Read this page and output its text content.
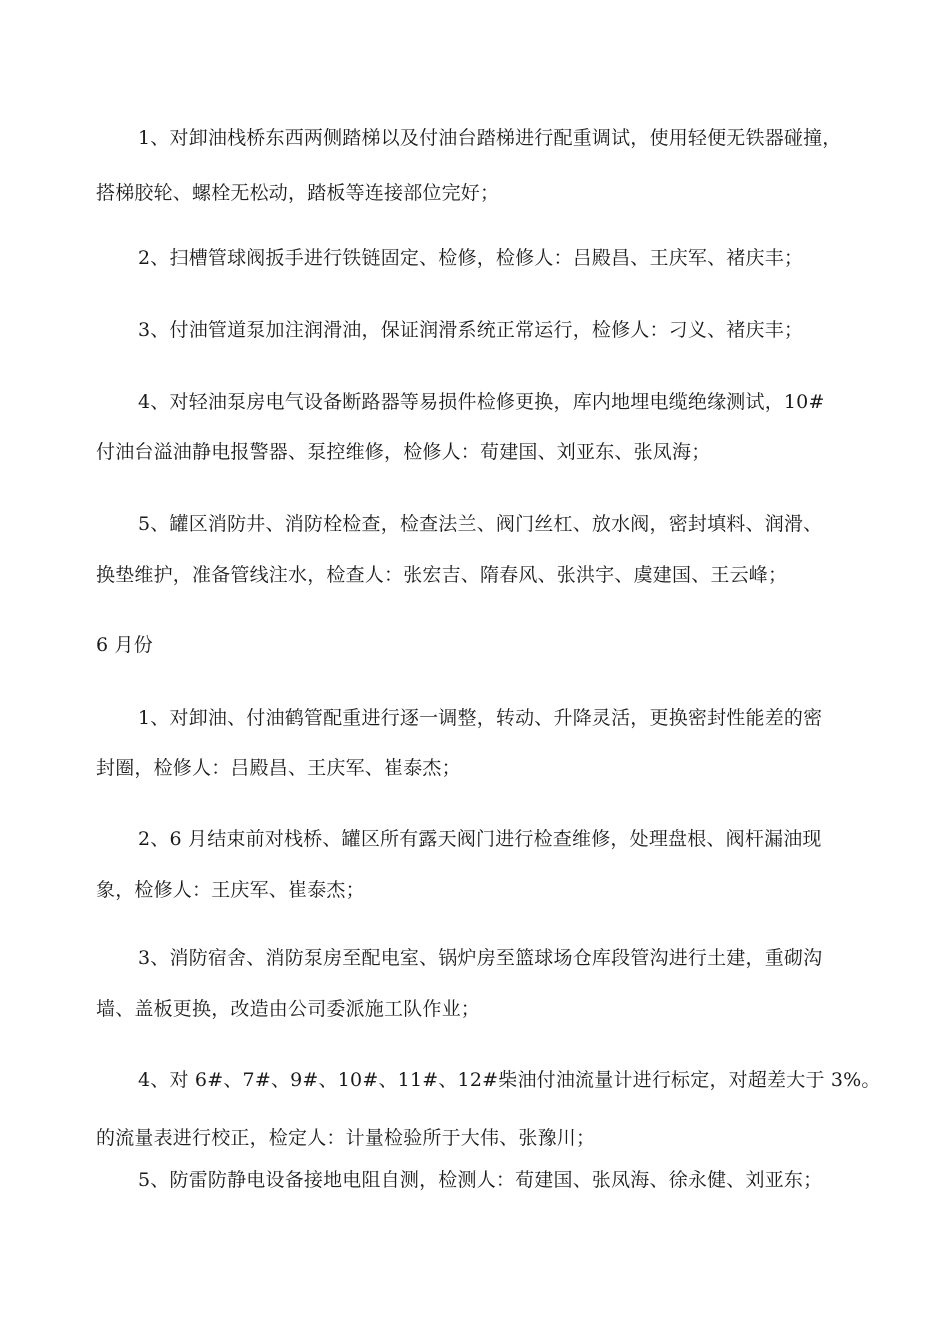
1、对卸油栈桥东西两侧踏梯以及付油台踏梯进行配重调试，使用轻便无铁器碰撞，
搭梯胶轮、螺栓无松动，踏板等连接部位完好；
2、扫槽管球阀扳手进行铁链固定、检修，检修人：吕殿昌、王庆军、褚庆丰；
3、付油管道泵加注润滑油，保证润滑系统正常运行，检修人：刁义、褚庆丰；
4、对轻油泵房电气设备断路器等易损件检修更换，库内地埋电缆绝缘测试，10#
付油台溢油静电报警器、泵控维修，检修人：荀建国、刘亚东、张凤海；
5、罐区消防井、消防栓检查，检查法兰、阀门丝杠、放水阀，密封填料、润滑、
换垫维护，准备管线注水，检查人：张宏吉、隋春风、张洪宇、虞建国、王云峰；
6 月份
1、对卸油、付油鹤管配重进行逐一调整，转动、升降灵活，更换密封性能差的密
封圈，检修人：吕殿昌、王庆军、崔泰杰；
2、6 月结束前对栈桥、罐区所有露天阀门进行检查维修，处理盘根、阀杆漏油现
象，检修人：王庆军、崔泰杰；
3、消防宿舍、消防泵房至配电室、锅炉房至篮球场仓库段管沟进行土建，重砌沟
墙、盖板更换，改造由公司委派施工队作业；
4、对 6#、7#、9#、10#、11#、12#柴油付油流量计进行标定，对超差大于 3%。
的流量表进行校正，检定人：计量检验所于大伟、张豫川；
5、防雷防静电设备接地电阻自测，检测人：荀建国、张凤海、徐永健、刘亚东；
